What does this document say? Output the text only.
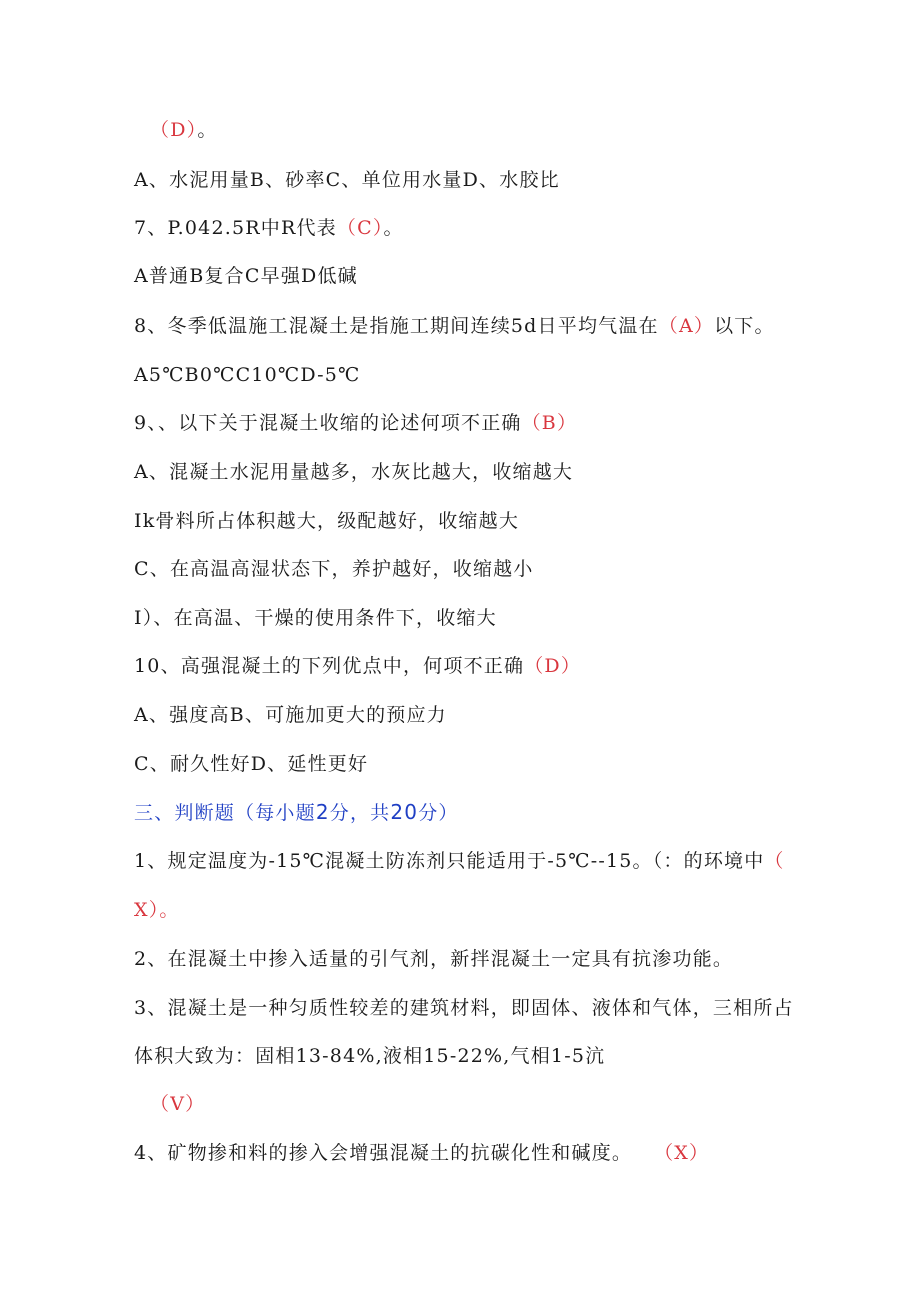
（D）。
A、水泥用量B、砂率C、单位用水量D、水胶比
7、P.042.5R中R代表（C）。
A普通B复合C早强D低碱
8、冬季低温施工混凝土是指施工期间连续5d日平均气温在（A）以下。
A5℃B0℃C10℃D-5℃
9、、以下关于混凝土收缩的论述何项不正确（B）
A、混凝土水泥用量越多，水灰比越大，收缩越大
Ik骨料所占体积越大，级配越好，收缩越大
C、在高温高湿状态下，养护越好，收缩越小
I）、在高温、干燥的使用条件下，收缩大
10、高强混凝土的下列优点中，何项不正确（D）
A、强度高B、可施加更大的预应力
C、耐久性好D、延性更好
三、判断题（每小题2分，共20分）
1、规定温度为-15℃混凝土防冻剂只能适用于-5℃--15。（：的环境中（
X）。
2、在混凝土中掺入适量的引气剂，新拌混凝土一定具有抗渗功能。
3、混凝土是一种匀质性较差的建筑材料，即固体、液体和气体，三相所占
体积大致为：固相13-84%,液相15-22%,气相1-5沆
（V）
4、矿物掺和料的掺入会增强混凝土的抗碳化性和碱度。 （X）
